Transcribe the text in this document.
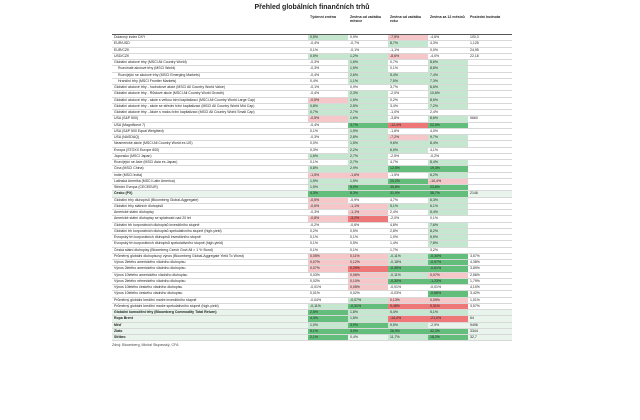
Přehled globálních finančních trhů
	Týdenní změna	Změna od začátku měsíce	Změna od začátku roku	Změna za 12 měsíců	Poslední hodnota
Dolarový index DXY	0,5%	0,9%	-7,5%	-4,6%	100,3
EUR/USD	-0,4%	-0,7%	8,7%	4,3%	1,125
EUR/CZK	0,1%	-0,1%	-1,1%	0,0%	24,95
USD/CZK	0,5%	1,2%	-8,6%	-4,0%	22,18
Globální akciové trhy (MSCI All Country World)	-0,3%	1,6%	0,7%	8,6%	
Rozvinuté akciové trhy (MSCI World)	-0,3%	1,5%	0,1%	8,8%	
Rozvíjející se akciové trhy (MSCI Emerging Markets)	-0,4%	2,6%	5,4%	7,4%	
Hraniční trhy (MSCI Frontier Markets)	0,4%	1,1%	7,5%	7,3%	
Globální akciové trhy - hodnotové akcie (MSCI All Country World Value)	-0,1%	0,9%	3,7%	6,6%	
Globální akciové trhy - Růstové akcie (MSCI All Country World Growth)	-0,4%	2,3%	-2,0%	10,6%	
Globální akciové trhy - akcie s velkou tržní kapitalizací (MSCI All Country World Large Cap)	-0,5%	1,5%	0,2%	8,5%	
Globální akciové trhy - akcie se střední tržní kapitalizací (MSCI All Country World Mid Cap)	0,8%	2,5%	3,4%	7,2%	
Globální akciové trhy - Akcie s malou tržní kapitalizací (MSCI All Country World Small Cap)	0,7%	2,7%	-1,0%	2,4%	
USA (S&P 500)	-0,5%	1,6%	-3,8%	8,6%	5660
USA (Magnificent 7)	-0,4%	3,7%	-12,4%	22,0%	
USA (S&P 500 Equal Weighted)	0,1%	1,9%	-1,6%	4,0%	
USA (NASDAQ)	-0,3%	2,8%	-7,2%	9,7%	
Neamerické akcie (MSCI All Country World ex-US)	0,0%	1,5%	9,6%	8,4%	
Evropa (STOXX Europe 600)	0,3%	2,2%	6,0%	4,1%	
Japonsko (MSCI Japan)	1,6%	2,7%	-2,5%	-0,2%	
Rozvíjející se Asie (MSCI Asia ex-Japan)	0,1%	2,7%	4,7%	8,4%	
Čína (MSCI China)	0,8%	2,9%	12,5%	19,3%	
Indie (MSCI India)	-1,5%	-1,6%	-1,5%	6,2%	
Latinská Amerika (MSCI Latin America)	1,5%	1,5%	20,2%	-10,4%	
Střední Evropa (CECEEUR)	1,5%	5,0%	35,8%	23,6%	
Česko (PX)	4,3%	8,3%	31,9%	38,7%	2146
Globální trhy dluhopisů (Bloomberg Global-Aggregate)	-0,5%	-0,9%	4,7%	6,3%	
Globální trhy státních dluhopisů	-0,6%	-1,1%	5,1%	6,1%	
Americké státní dluhopisy	-0,3%	-1,1%	2,4%	5,4%	
Americké státní dluhopisy se splatností nad 20 let	-0,8%	-3,2%	-2,0%	0,1%	
Globální trh korporátních dluhopisů investičního stupně	-0,2%	-0,6%	4,8%	7,6%	
Globální trh korporátních dluhopisů spekulativního stupně (high-yield)	0,2%	0,5%	2,8%	8,2%	
Evropský trh korporátních dluhopisů investičního stupně	0,1%	0,1%	1,0%	5,5%	
Evropský trh korporátních dluhopisů spekulativního stupně (high-yield)	0,1%	0,5%	1,4%	7,8%	
Česká státní dluhopisy (Bloomberg Czech Govt All > 1 Yr Bond)	0,1%	0,1%	1,7%	3,2%	
Průměrný globální dluhopisový výnos (Bloomberg Global-Aggregate Yield To Worst)	0,05%	0,11%	-0,11%	-0,34%	3,57%
Výnos 2letého amerického vládního dluhopisu	0,07%	0,12%	-0,18%	-0,97%	4,38%
Výnos 2letého amerického vládního dluhopisu	0,07%	0,29%	-0,35%	-0,61%	3,89%
Výnos 10letého amerického vládního dluhopisu	0,03%	0,06%	-0,11%	0,07%	2,56%
Výnos 2letého německého vládního dluhopisu	0,02%	0,10%	-0,30%	-1,23%	1,79%
Výnos 10letého českého vládního dluhopisu	-0,01%	0,05%	-0,01%	-0,01%	4,10%
Výnos 10letého českého vládního dluhopisu	0,01%	0,02%	-0,03%	-0,66%	3,42%
Průměrný globální kreditní marže investičního stupně	-0,04%	-0,07%	0,13%	0,09%	1,01%
Průměrný globální kreditní marže spekulativního stupně (high-yield)	-0,11%	-0,31%	0,48%	0,31%	3,57%
Globální komoditní trhy (Bloomberg Commodity Total Return)	2,5%	1,8%	5,4%	5,1%	
Ropa Brent	4,3%	1,8%	-14,4%	-21,0%	64
Měď	1,0%	3,9%	9,5%	-2,9%	9496
Zlato	5,1%	3,9%	26,9%	42,3%	3344
Stříbro	2,1%	0,4%	11,7%	18,2%	32,7
Zdroj: Bloomberg, Michal Stupavský, CFA
